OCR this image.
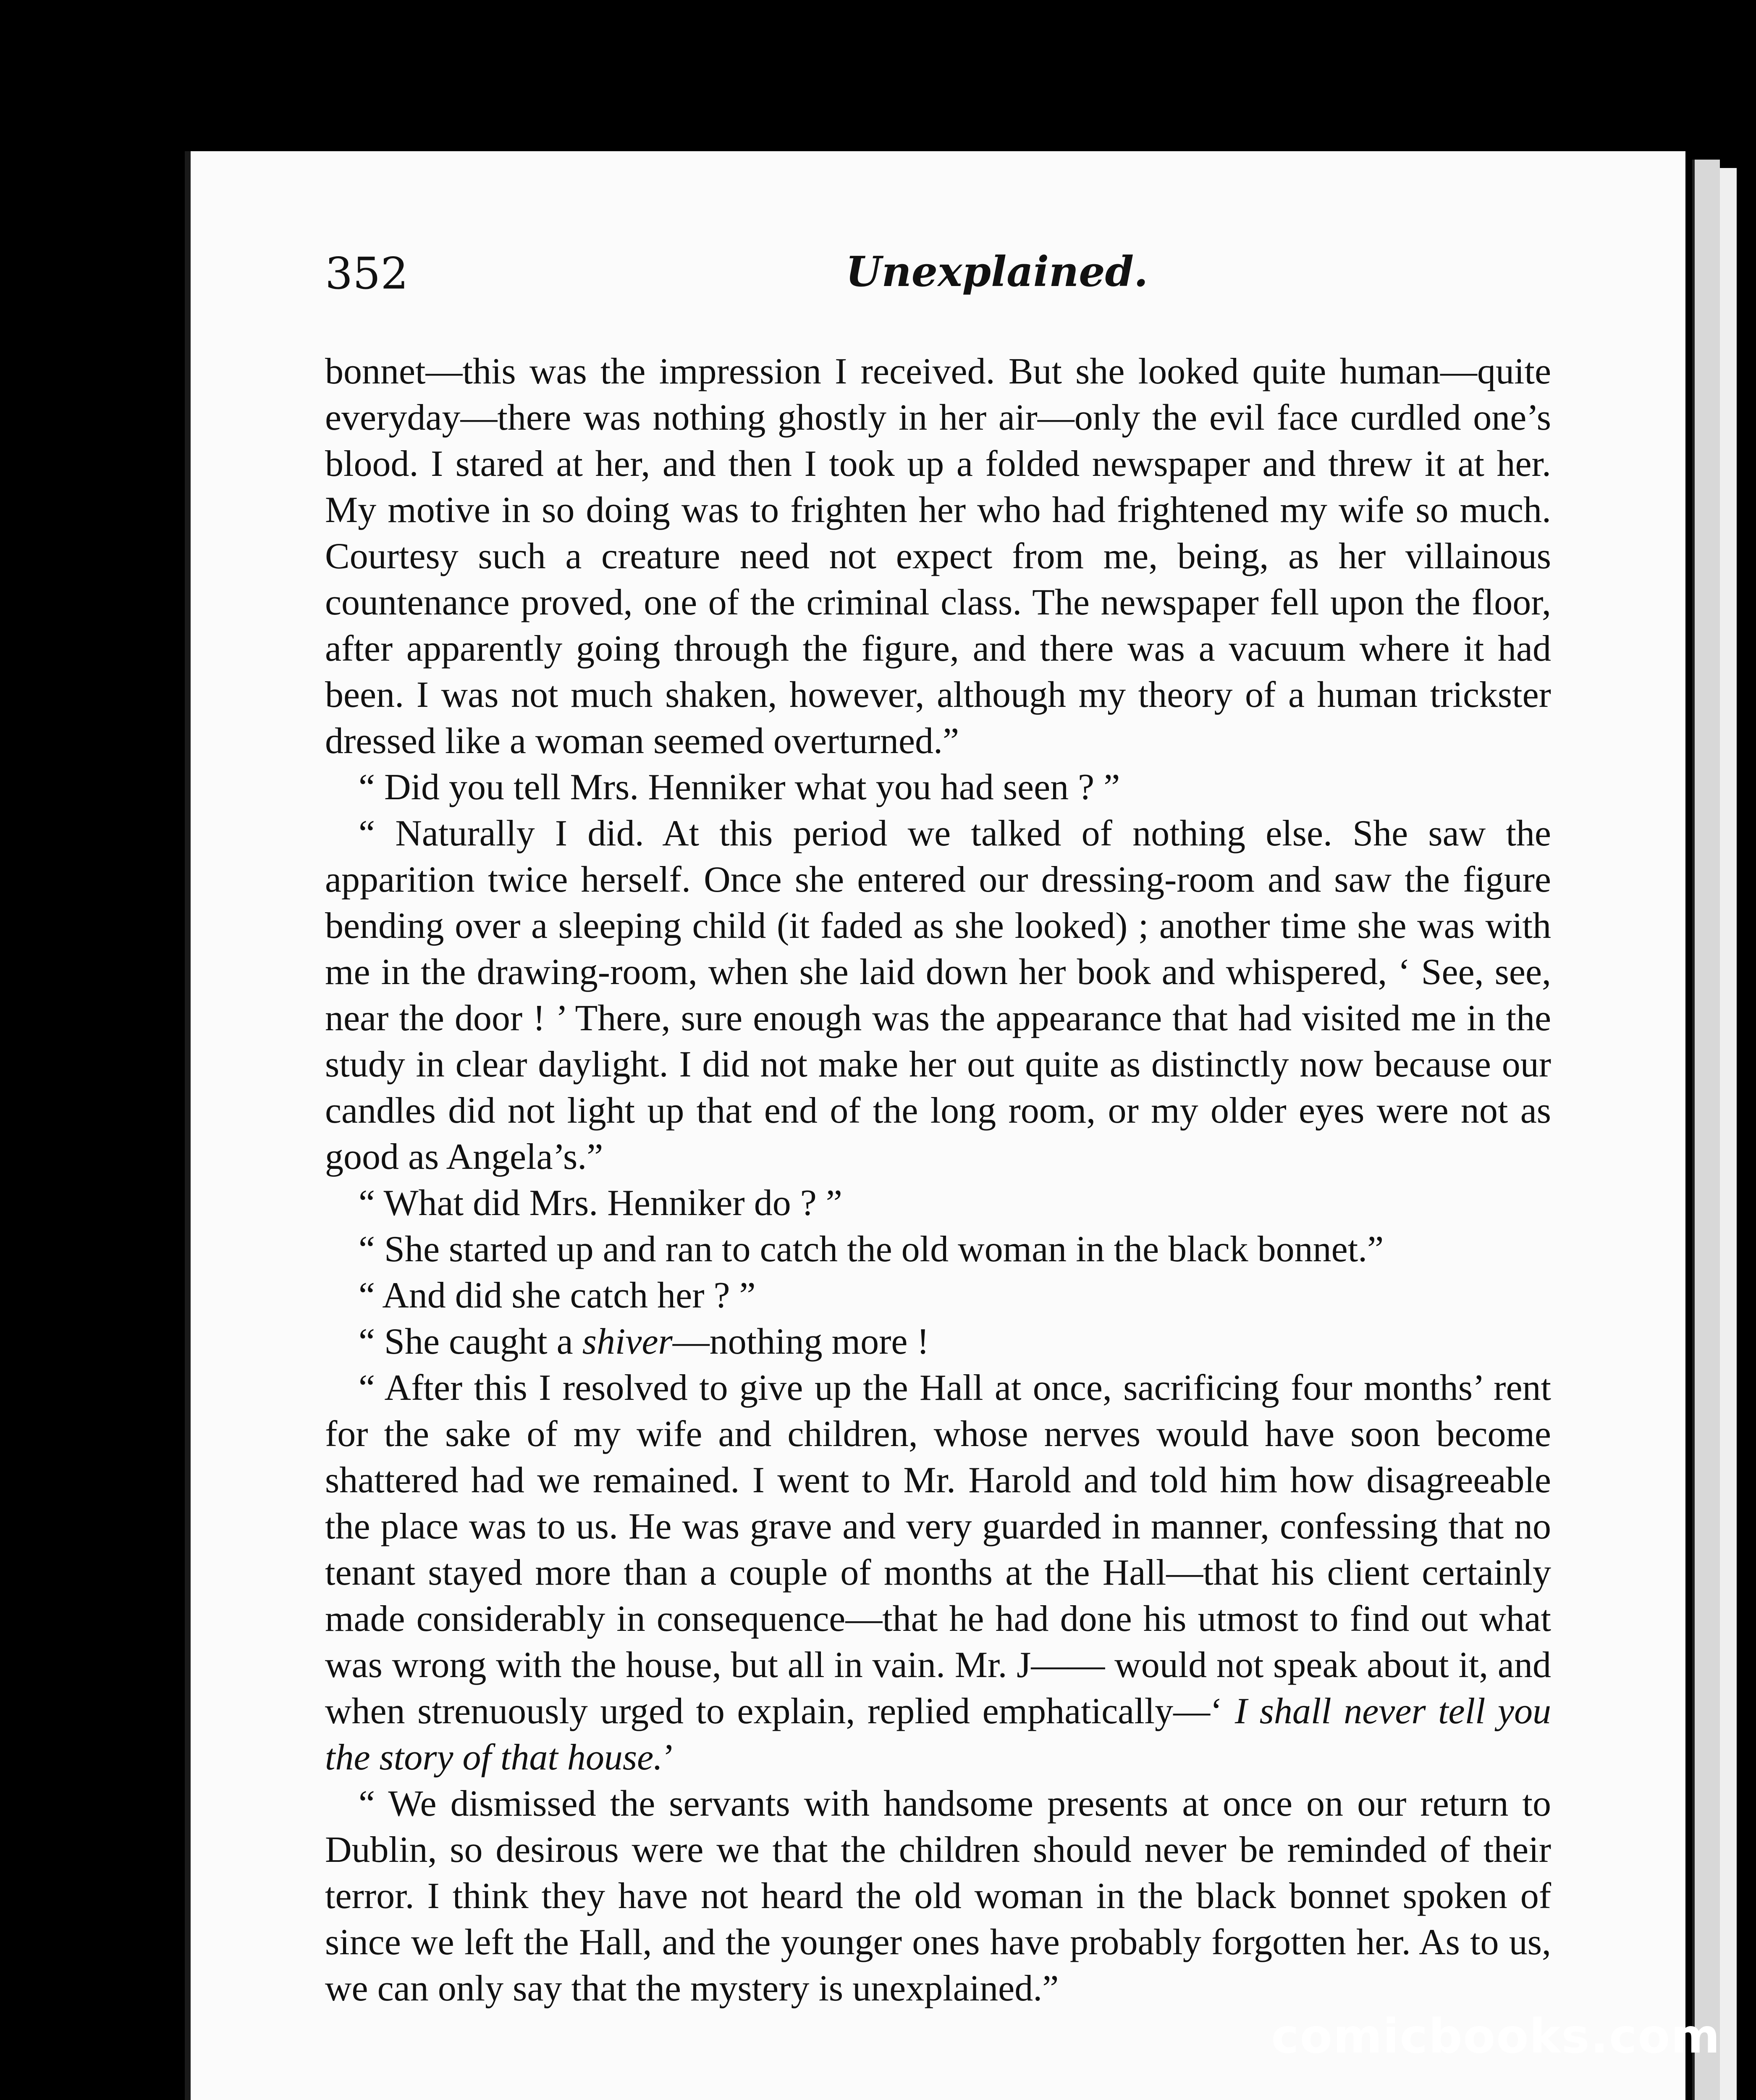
352	Unexplained.

bonnet—this was the impression I received. But she looked quite human—quite everyday—there was nothing ghostly in her air—only the evil face curdled one’s blood. I stared at her, and then I took up a folded newspaper and threw it at her. My motive in so doing was to frighten her who had frightened my wife so much. Courtesy such a creature need not expect from me, being, as her villainous countenance proved, one of the criminal class. The newspaper fell upon the floor, after apparently going through the figure, and there was a vacuum where it had been. I was not much shaken, however, although my theory of a human trickster dressed like a woman seemed overturned.”

“ Did you tell Mrs. Henniker what you had seen ? ”

“ Naturally I did. At this period we talked of nothing else. She saw the apparition twice herself. Once she entered our dressing-room and saw the figure bending over a sleeping child (it faded as she looked) ; another time she was with me in the drawing-room, when she laid down her book and whispered, ‘ See, see, near the door ! ’ There, sure enough was the appearance that had visited me in the study in clear daylight. I did not make her out quite as distinctly now because our candles did not light up that end of the long room, or my older eyes were not as good as Angela’s.”

“ What did Mrs. Henniker do ? ”

“ She started up and ran to catch the old woman in the black bonnet.”

“ And did she catch her ? ”

“ She caught a shiver—nothing more !

“ After this I resolved to give up the Hall at once, sacrificing four months’ rent for the sake of my wife and children, whose nerves would have soon become shattered had we remained. I went to Mr. Harold and told him how disagreeable the place was to us. He was grave and very guarded in manner, confessing that no tenant stayed more than a couple of months at the Hall—that his client certainly made considerably in consequence—that he had done his utmost to find out what was wrong with the house, but all in vain. Mr. J—— would not speak about it, and when strenuously urged to explain, replied emphatically—‘ I shall never tell you the story of that house.’

“ We dismissed the servants with handsome presents at once on our return to Dublin, so desirous were we that the children should never be reminded of their terror. I think they have not heard the old woman in the black bonnet spoken of since we left the Hall, and the younger ones have probably forgotten her. As to us, we can only say that the mystery is unexplained.”

comicbooks.com
